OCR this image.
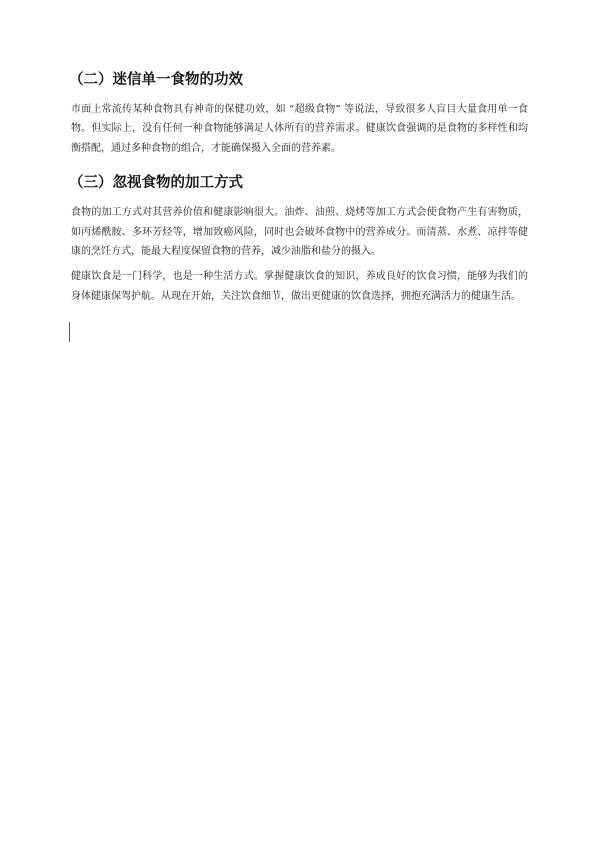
（二）迷信单一食物的功效

市面上常流传某种食物具有神奇的保健功效，如 “超级食物” 等说法，导致很多人盲目大量食用单一食物。但实际上，没有任何一种食物能够满足人体所有的营养需求。健康饮食强调的是食物的多样性和均衡搭配，通过多种食物的组合，才能确保摄入全面的营养素。

（三）忽视食物的加工方式

食物的加工方式对其营养价值和健康影响很大。油炸、油煎、烧烤等加工方式会使食物产生有害物质，如丙烯酰胺、多环芳烃等，增加致癌风险，同时也会破坏食物中的营养成分。而清蒸、水煮、凉拌等健康的烹饪方式，能最大程度保留食物的营养，减少油脂和盐分的摄入。

健康饮食是一门科学，也是一种生活方式。掌握健康饮食的知识，养成良好的饮食习惯，能够为我们的身体健康保驾护航。从现在开始，关注饮食细节，做出更健康的饮食选择，拥抱充满活力的健康生活。
